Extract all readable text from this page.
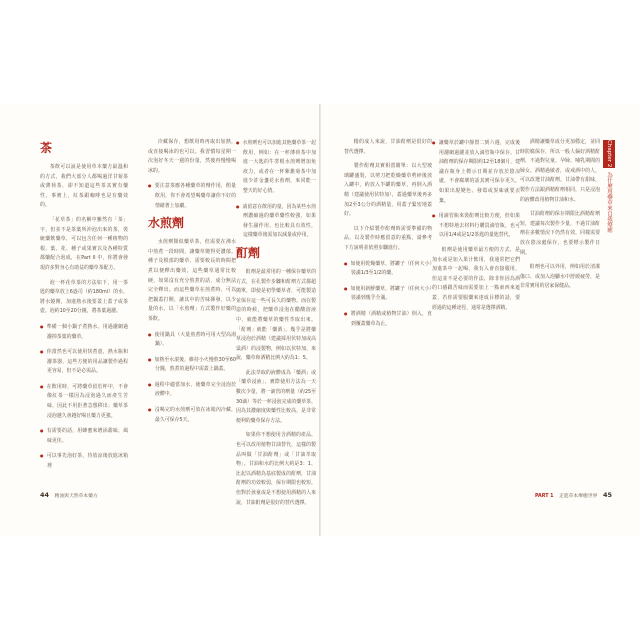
茶

茶飲可以說是使用草本藥方最溫和的方式，我們大部分人都喝過洋甘菊茶或薄荷茶，卻不知道這些茶其實有藥性，事實上，紅茶跟咖啡也是有藥效的。

「花草茶」的名稱中雖然有「茶」字，但並不是茶葉所沖泡出來的茶，裝統藥飲藥草，可以包含任何一種植物的根、葉、花、種子或果實以及各種特質都藥配合泡成，在Part II 中，你將會發現許多對身心有助益的藥草茶配方。

泡一杯花草茶的方法如下，用一茶匙的藥草放上6盎司（約180ml）的水，將水燒開，加進熱水後要蓋上蓋子或茶壺。泡約10至20分鐘，將茶葉過濾。

● 準備一個小鍋子煮熱水，用過濾網過濾掉茶葉的藥草。
● 你當然也可以使用快煮壺，熱水瓶和濾茶器，這些方便的用品讓製作過程更容易，但不是必需品。
● 在飲用時，可將藥草留於杯中，不會像紅茶一樣因為浸泡過久而產生苦味，因此不用拒著急想移出；藥草茶浸泡越久會越好喝且藥力更強。
● 有需要的話，用蜂蜜來增添甜味，風味更佳。
● 可以事先泡好茶，待放涼後放進冰箱裡

冷藏保存，想飲用時再取出加熱，或直接喝冰的也可以。我習慣每星期一次泡好冬天一週的份量，然後再慢慢喝冰的。

● 要注意茶應各種藥草的劑作用，酌量飲用，你不會希望喝藥草讓你不好的情緒著上加劇。
水煎劑

水煎劑類似藥草茶，但需要在沸水中煎煮一段時間，讓藥草變得更濃郁。種子及根部的藥草，需要較長的時間把煮以便釋出藥效，這些藥草通常比較硬，如果沒有充分熬煮的話，成分無法完全釋出。而這些藥草在煎煮時，可以把鍋蓋打開，讓其中的苦味揮發，以少量的水，以「水煎劑」方式製作好藥的茶飲。

● 使用鍋具（大量煎煮時可用大型高湯鍋）。
● 加熱至水滾後，維持小火慢熬30至60分鐘，熬煮的過程中需蓋上鍋蓋。
● 過程中適當加水，使藥草完全浸泡於液體中。
● 沒喝完的水煎劑可放在冰箱內冷藏，最久可保存5天。
● 水煎劑也可以加進其他藥草茶一起飲用，例如：在一杯薄荷茶中加進一大匙的牛蒡根水煎劑增加免疫力，或者在一杯紫錐菊茶中加進少許金盞花水煎劑，來同能一整天的好心情。
● 請留意在飲用的量，因為某些水煎劑濃縮過的藥草藥性較強，如果發生副作用，也比較具有效性，這樣藥草後需加以減量或停用。
酊劑

酊劑是最常用的一種保存藥草的方式，在孔製作步驟和酊劑方式都超簡單，即使是初學藥草者，可能製造並保存這一些可長久的藥物。而在製造的時候，把藥草浸泡在醋酸溶液中，就能將藥草的藥性萃取出來。「酊劑」就能「藥酒」，幾乎是將藥草浸泡於酒精（建議採用伏特加或高粱酒）的浸製物，例如以伏特加、來說，藥草和酒精比例大約為1：5。

此法萃取的液體成為「藥酒」或「藥草浸液」，實際使用方法為一天數次少量，將一滴管的劑量（約25至30滴）等於一杯浸泡完成的藥草茶，因為其濃縮度與藥性比較高，是非常便利的藥草保存方法。

如果你不想使用含酒精的產品，也可以改用植物甘油替代，這樣的製品叫做「甘油酊劑」或「甘油萃取物」。甘油和水的比例大約是3：1，比起以酒精為基底製成的酊劑，甘油酊劑的功效較弱，保存期限也較短，但對於孩童或是不想使用酒精的人來說，甘油酊劑是很好的替代選擇。

44 精油與天然草本藥方

精的成人來說，甘油酊劑是很好的替代選擇。

製作酊劑其實相當簡單：以大型玻璃罐盛裝，以剪刀把乾燥藥草剪碎後放入罐中。約放入半罐的藥草，再倒入酒精（建議使用伏特加），蓋過藥草後再多加2至3公分的酒精量，用蓋子緊密地蓋好。

以下介紹製作酊劑時需要準備的物品，以及製作時應留意的重點，請參考下方說明並依照步驟進行。

● 如使用乾燥藥草，將罐子（任何大小）裝滿1/3至1/2的藥。
● 如使用新鮮藥草，將罐子（任何大小）裝滿到幾乎全滿。
● 將酒精（酒精或植物甘油）倒入，直到覆蓋藥草為止。
● 讓藥草於罐中靜置二到六週，完成後用濾網過濾並放入滴管瓶中保存。甘油酊劑的保存期限約12至18個月，建議在瓶身上標示日期並存放於陰涼處，不會腐壞的話其實可保存更久，如果出現變色、發霉或異味就要丟棄。
● 用滴管瓶來裝酊劑比較方便，但如果不想特地去材料行購買滴管瓶，也可以用1/4或是1/2茶匙的量匙替代。

酊劑是使用藥草最方便的方式，是加水或是加入果汁飲用，我通常把它們加進茶中一起喝，我有入會直接服用，但這並不是必要的作法，除非你因為酒的口感跟苦味而需要加上一點東西來遮蓋，若你需要服藥來達成目標的話，要經過的這種途徑，通常是選擇酒精。

酒精讓藥草成分更加穩定，並同時防腐保存，所以一般人偏好酒精酊劑，不過對兒童、孕婦、哺乳期間的婦女、酒精過敏者，或戒酒中的人，可以改選甘油酊劑。甘油帶有甜味，製作方法跟酒精酊劑相同，只是浸泡的液體改用植物甘油和水。

甘油酊劑的保存期限比酒精酊劑短，建議每次製作少量，不過甘油酊劑在多數情況下仍然有效，同樣需要放在陰涼處保存，也要標示製作日期。

酊劑也可以外用，例如用於清潔傷口、或加入泡腳水中舒緩疲勞，是非常實用的居家保健品。

Chapter 2
為什麼用藥草來自我療癒
PART 1 走進草本療癒世界 45
